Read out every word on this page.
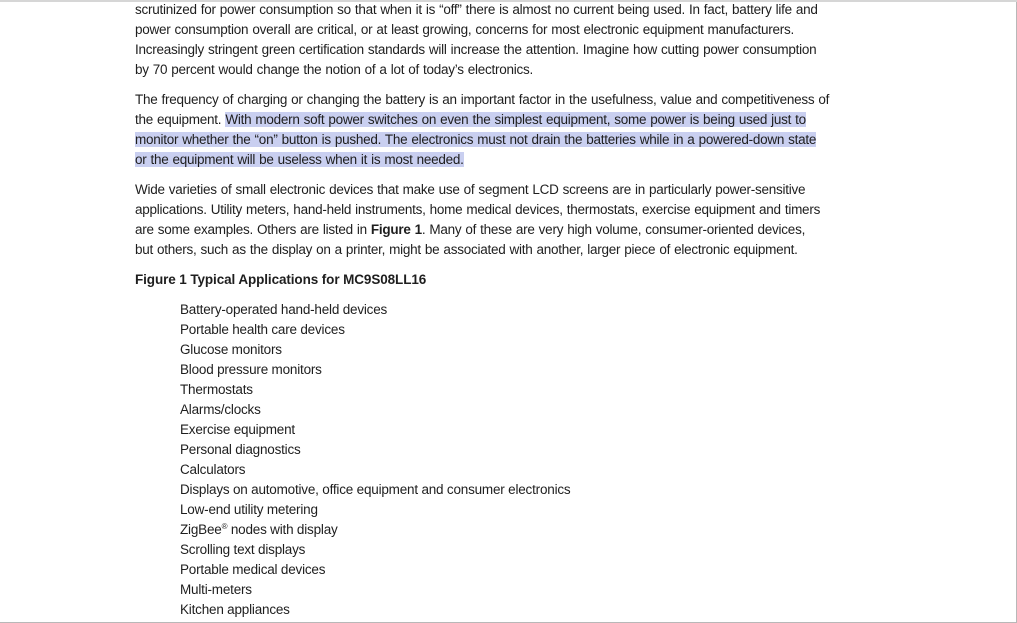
scrutinized for power consumption so that when it is “off” there is almost no current being used. In fact, battery life and
power consumption overall are critical, or at least growing, concerns for most electronic equipment manufacturers.
Increasingly stringent green certification standards will increase the attention. Imagine how cutting power consumption
by 70 percent would change the notion of a lot of today’s electronics.

The frequency of charging or changing the battery is an important factor in the usefulness, value and competitiveness of
the equipment. With modern soft power switches on even the simplest equipment, some power is being used just to
monitor whether the “on” button is pushed. The electronics must not drain the batteries while in a powered-down state
or the equipment will be useless when it is most needed.

Wide varieties of small electronic devices that make use of segment LCD screens are in particularly power-sensitive
applications. Utility meters, hand-held instruments, home medical devices, thermostats, exercise equipment and timers
are some examples. Others are listed in Figure 1. Many of these are very high volume, consumer-oriented devices,
but others, such as the display on a printer, might be associated with another, larger piece of electronic equipment.

Figure 1 Typical Applications for MC9S08LL16
Battery-operated hand-held devices
Portable health care devices
Glucose monitors
Blood pressure monitors
Thermostats
Alarms/clocks
Exercise equipment
Personal diagnostics
Calculators
Displays on automotive, office equipment and consumer electronics
Low-end utility metering
ZigBee® nodes with display
Scrolling text displays
Portable medical devices
Multi-meters
Kitchen appliances
